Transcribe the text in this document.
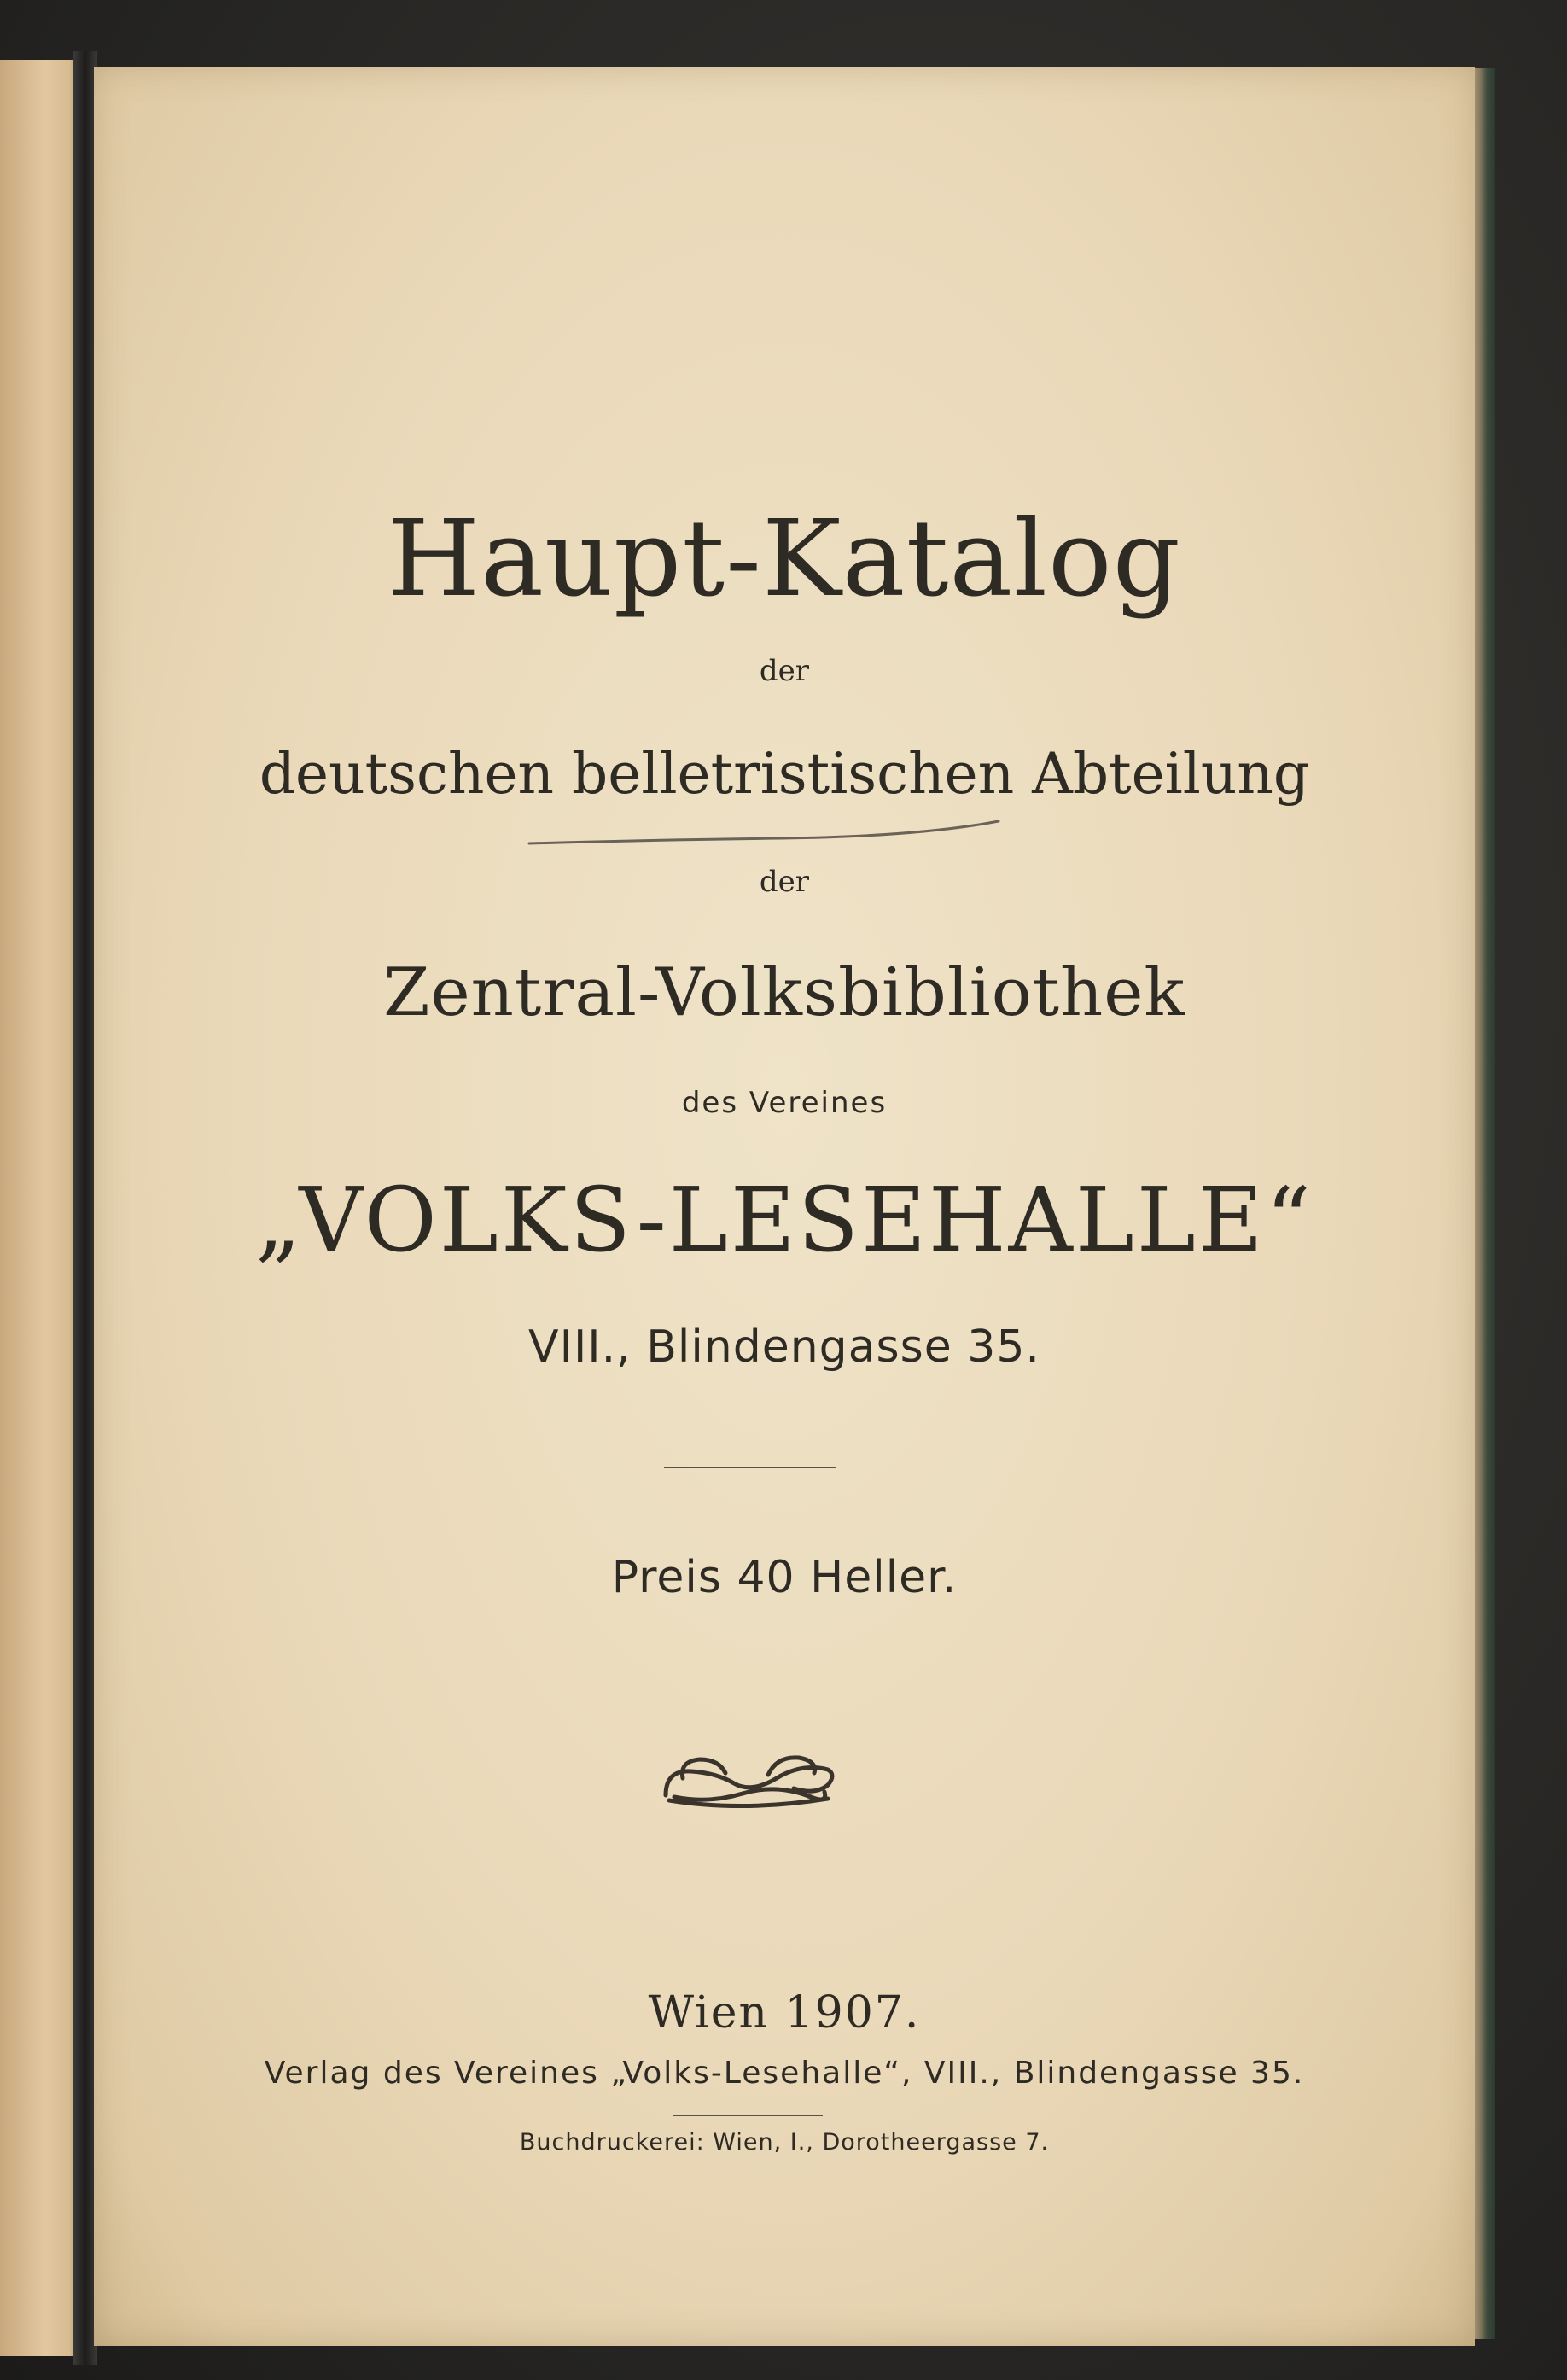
Haupt-Katalog
der
deutschen belletristischen Abteilung
der
Zentral-Volksbibliothek
des Vereines
„VOLKS-LESEHALLE“
VIII., Blindengasse 35.
Preis 40 Heller.
Wien 1907.
Verlag des Vereines „Volks-Lesehalle“, VIII., Blindengasse 35.
Buchdruckerei: Wien, I., Dorotheergasse 7.
